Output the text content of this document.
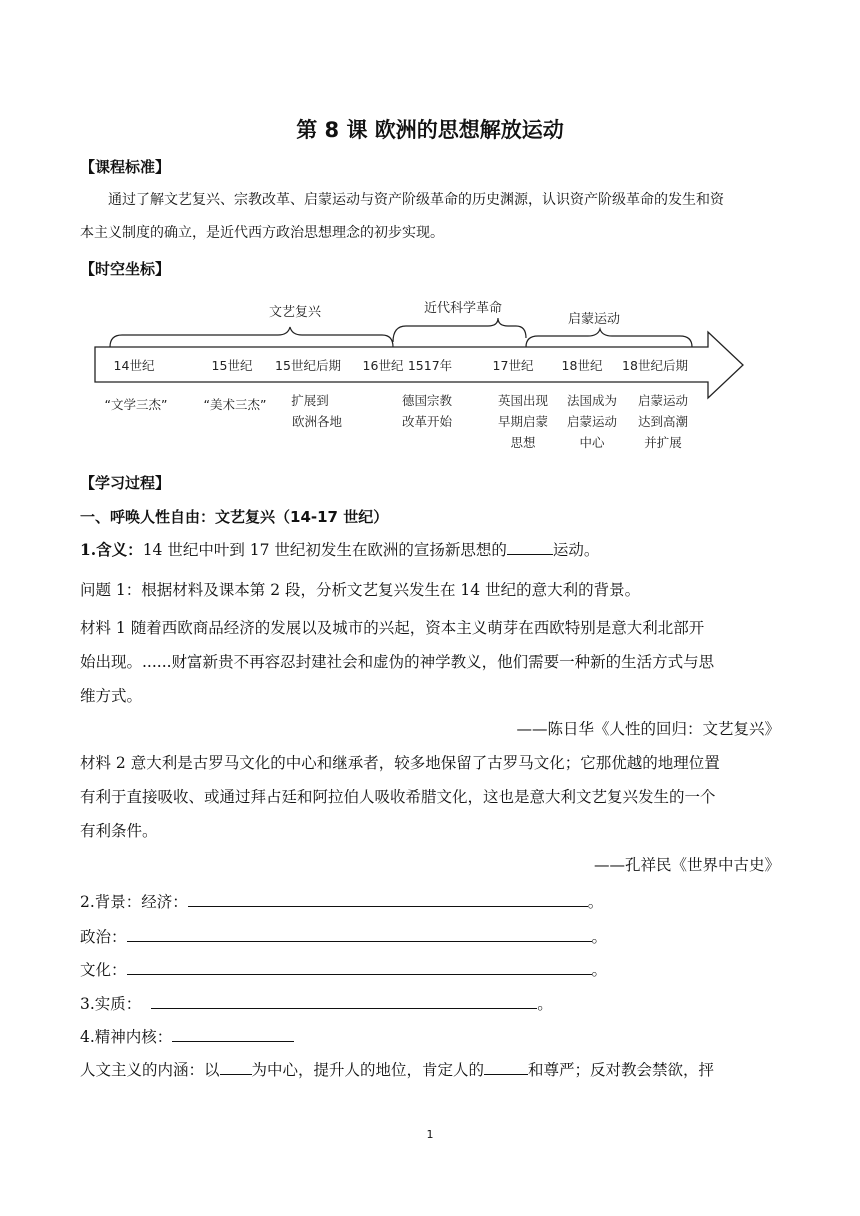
第 8 课 欧洲的思想解放运动
【课程标准】
通过了解文艺复兴、宗教改革、启蒙运动与资产阶级革命的历史渊源，认识资产阶级革命的发生和资
本主义制度的确立，是近代西方政治思想理念的初步实现。
【时空坐标】
文艺复兴	近代科学革命
启蒙运动
14世纪	15世纪 15世纪后期 16世纪 1517年	17世纪 18世纪 18世纪后期
“文学三杰”	“美术三杰” 扩展到
欧洲各地
德国宗教
改革开始
英国出现
早期启蒙
思想
法国成为
启蒙运动
中心
启蒙运动
达到高潮
并扩展
【学习过程】
一、呼唤人性自由：文艺复兴（14-17 世纪）
1.含义：14 世纪中叶到 17 世纪初发生在欧洲的宣扬新思想的	运动。
问题 1：根据材料及课本第 2 段，分析文艺复兴发生在 14 世纪的意大利的背景。
材料 1 随着西欧商品经济的发展以及城市的兴起，资本主义萌芽在西欧特别是意大利北部开
始出现。......财富新贵不再容忍封建社会和虚伪的神学教义，他们需要一种新的生活方式与思
维方式。
——陈日华《人性的回归：文艺复兴》
材料 2 意大利是古罗马文化的中心和继承者，较多地保留了古罗马文化；它那优越的地理位置
有利于直接吸收、或通过拜占廷和阿拉伯人吸收希腊文化，这也是意大利文艺复兴发生的一个
有利条件。
——孔祥民《世界中古史》
2.背景：经济：	。
政治：	。
文化：	。
3.实质：	。
4.精神内核：
人文主义的内涵：以 为中心，提升人的地位，肯定人的	和尊严；反对教会禁欲，抨
1
